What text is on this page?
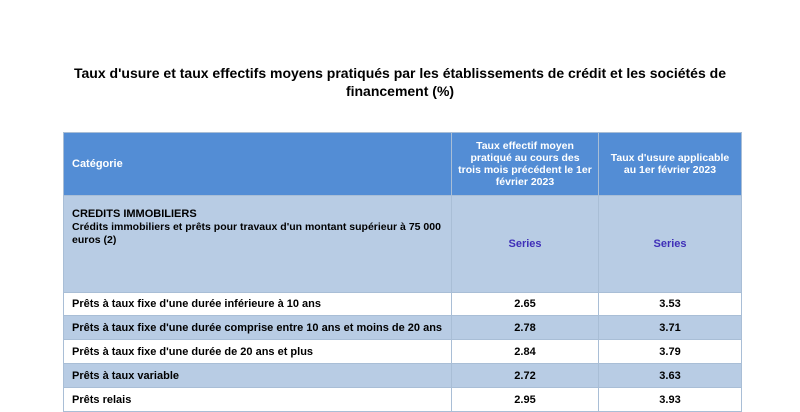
Taux d'usure et taux effectifs moyens pratiqués par les établissements de crédit et les sociétés de financement (%)
Catégorie	Taux effectif moyen pratiqué au cours des trois mois précédent le 1er février 2023	Taux d'usure applicable au 1er février 2023

CREDITS IMMOBILIERS
Crédits immobiliers et prêts pour travaux d'un montant supérieur à 75 000 euros (2)	Series	Series
Prêts à taux fixe d'une durée inférieure à 10 ans	2.65	3.53
Prêts à taux fixe d'une durée comprise entre 10 ans et moins de 20 ans	2.78	3.71
Prêts à taux fixe d'une durée de 20 ans et plus	2.84	3.79
Prêts à taux variable	2.72	3.63
Prêts relais	2.95	3.93
